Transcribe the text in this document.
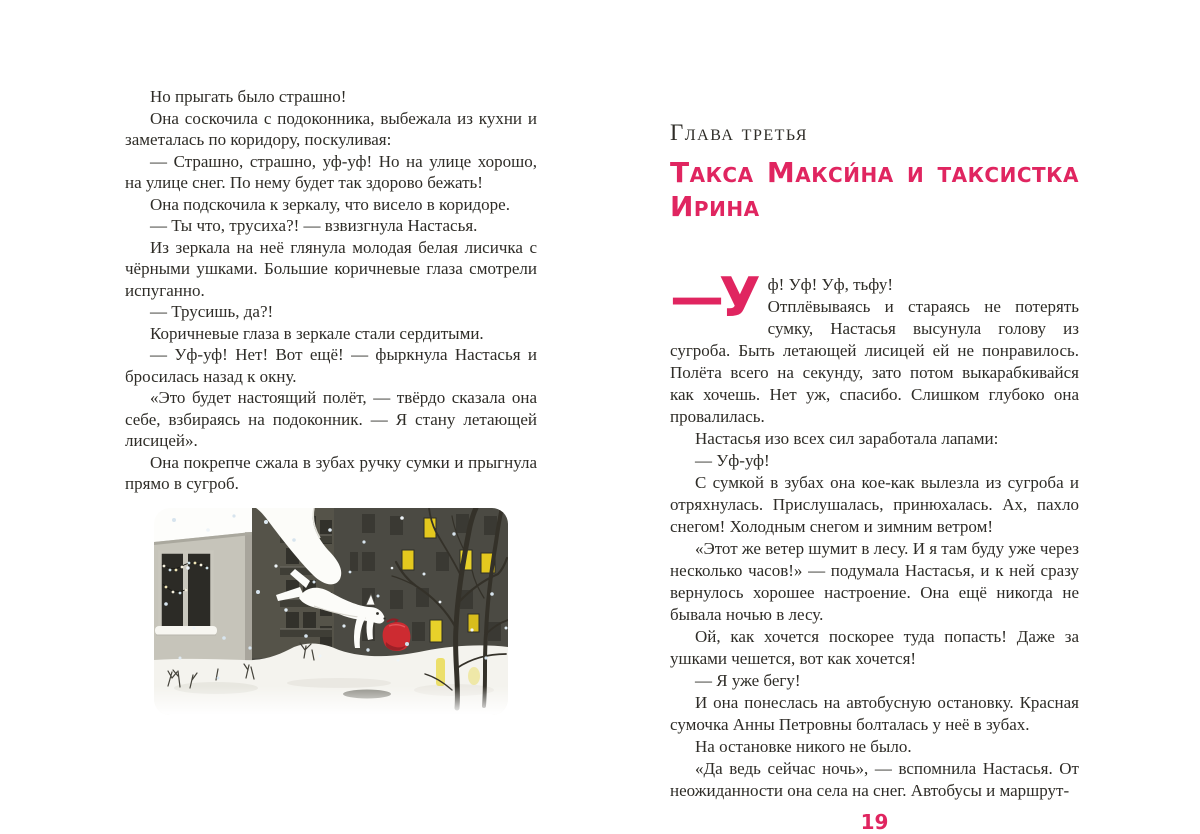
Но прыгать было страшно!

Она соскочила с подоконника, выбежала из кухни и заметалась по коридору, поскуливая:

— Страшно, страшно, уф-уф! Но на улице хорошо, на улице снег. По нему будет так здорово бежать!

Она подскочила к зеркалу, что висело в коридоре.

— Ты что, трусиха?! — взвизгнула Настасья.

Из зеркала на неё глянула молодая белая лисичка с чёрными ушками. Большие коричневые глаза смотрели испуганно.

— Трусишь, да?!

Коричневые глаза в зеркале стали сердитыми.

— Уф-уф! Нет! Вот ещё! — фыркнула Настасья и бросилась назад к окну.

«Это будет настоящий полёт, — твёрдо сказала она себе, взбираясь на подоконник. — Я стану летающей лисицей».

Она покрепче сжала в зубах ручку сумки и прыгнула прямо в сугроб.

Глава третья
Такса Макси́на и таксистка Ирина
—У ф! Уф! Уф, тьфу!
Отплёвываясь и стараясь не потерять сумку, Настасья высунула голову из сугроба. Быть летающей лисицей ей не понравилось. Полёта всего на секунду, зато потом выкарабкивайся как хочешь. Нет уж, спасибо. Слишком глубоко она провалилась.

Настасья изо всех сил заработала лапами:

— Уф-уф!

С сумкой в зубах она кое-как вылезла из сугроба и отряхнулась. Прислушалась, принюхалась. Ах, пахло снегом! Холодным снегом и зимним ветром!

«Этот же ветер шумит в лесу. И я там буду уже через несколько часов!» — подумала Настасья, и к ней сразу вернулось хорошее настроение. Она ещё никогда не бывала ночью в лесу.

Ой, как хочется поскорее туда попасть! Даже за ушками чешется, вот как хочется!

— Я уже бегу!

И она понеслась на автобусную остановку. Красная сумочка Анны Петровны болталась у неё в зубах.

На остановке никого не было.

«Да ведь сейчас ночь», — вспомнила Настасья. От неожиданности она села на снег. Автобусы и маршрут-

19
